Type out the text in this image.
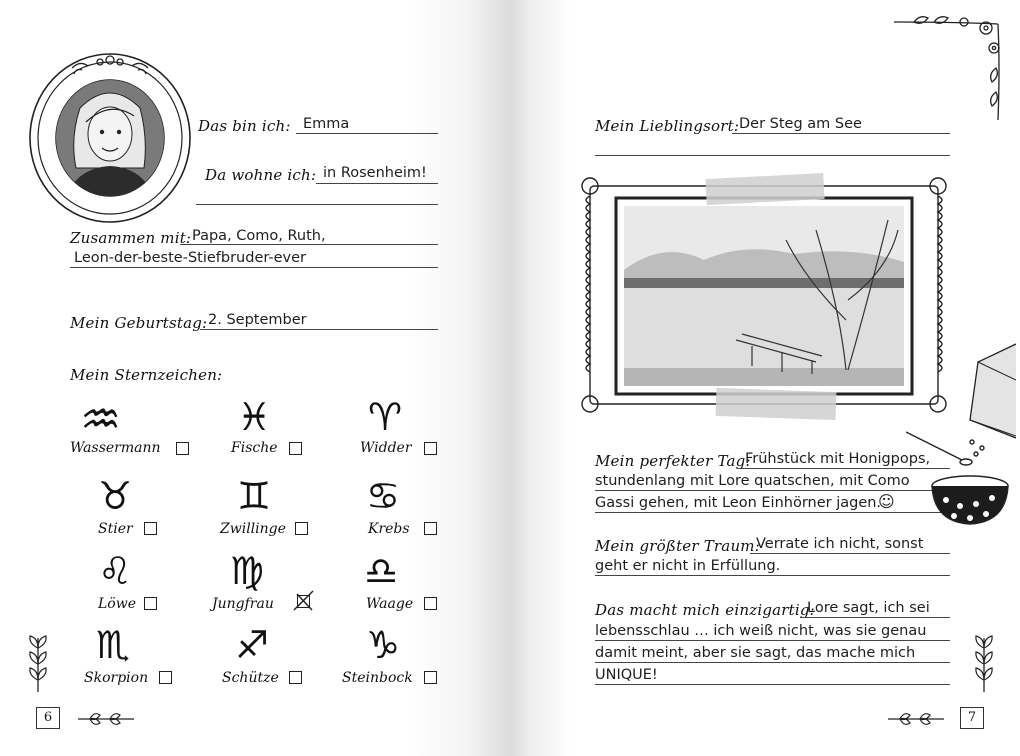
Das bin ich: Emma
Da wohne ich: in Rosenheim!
Zusammen mit: Papa, Como, Ruth,
Leon-der-beste-Stiefbruder-ever
Mein Geburtstag: 2. September
Mein Sternzeichen:
♒
Wassermann
♓
Fische
♈
Widder
♉
Stier
♊
Zwillinge
♋
Krebs
♌
Löwe
♍
Jungfrau
♎
Waage
♏
Skorpion
♐
Schütze
♑
Steinbock
6
Mein Lieblingsort: Der Steg am See
Mein perfekter Tag:
Frühstück mit Honigpops,
stundenlang mit Lore quatschen, mit Como
Gassi gehen, mit Leon Einhörner jagen.
☺
Mein größter Traum:
Verrate ich nicht, sonst
geht er nicht in Erfüllung.
Das macht mich einzigartig:
Lore sagt, ich sei
lebensschlau … ich weiß nicht, was sie genau
damit meint, aber sie sagt, das mache mich
UNIQUE!
7
